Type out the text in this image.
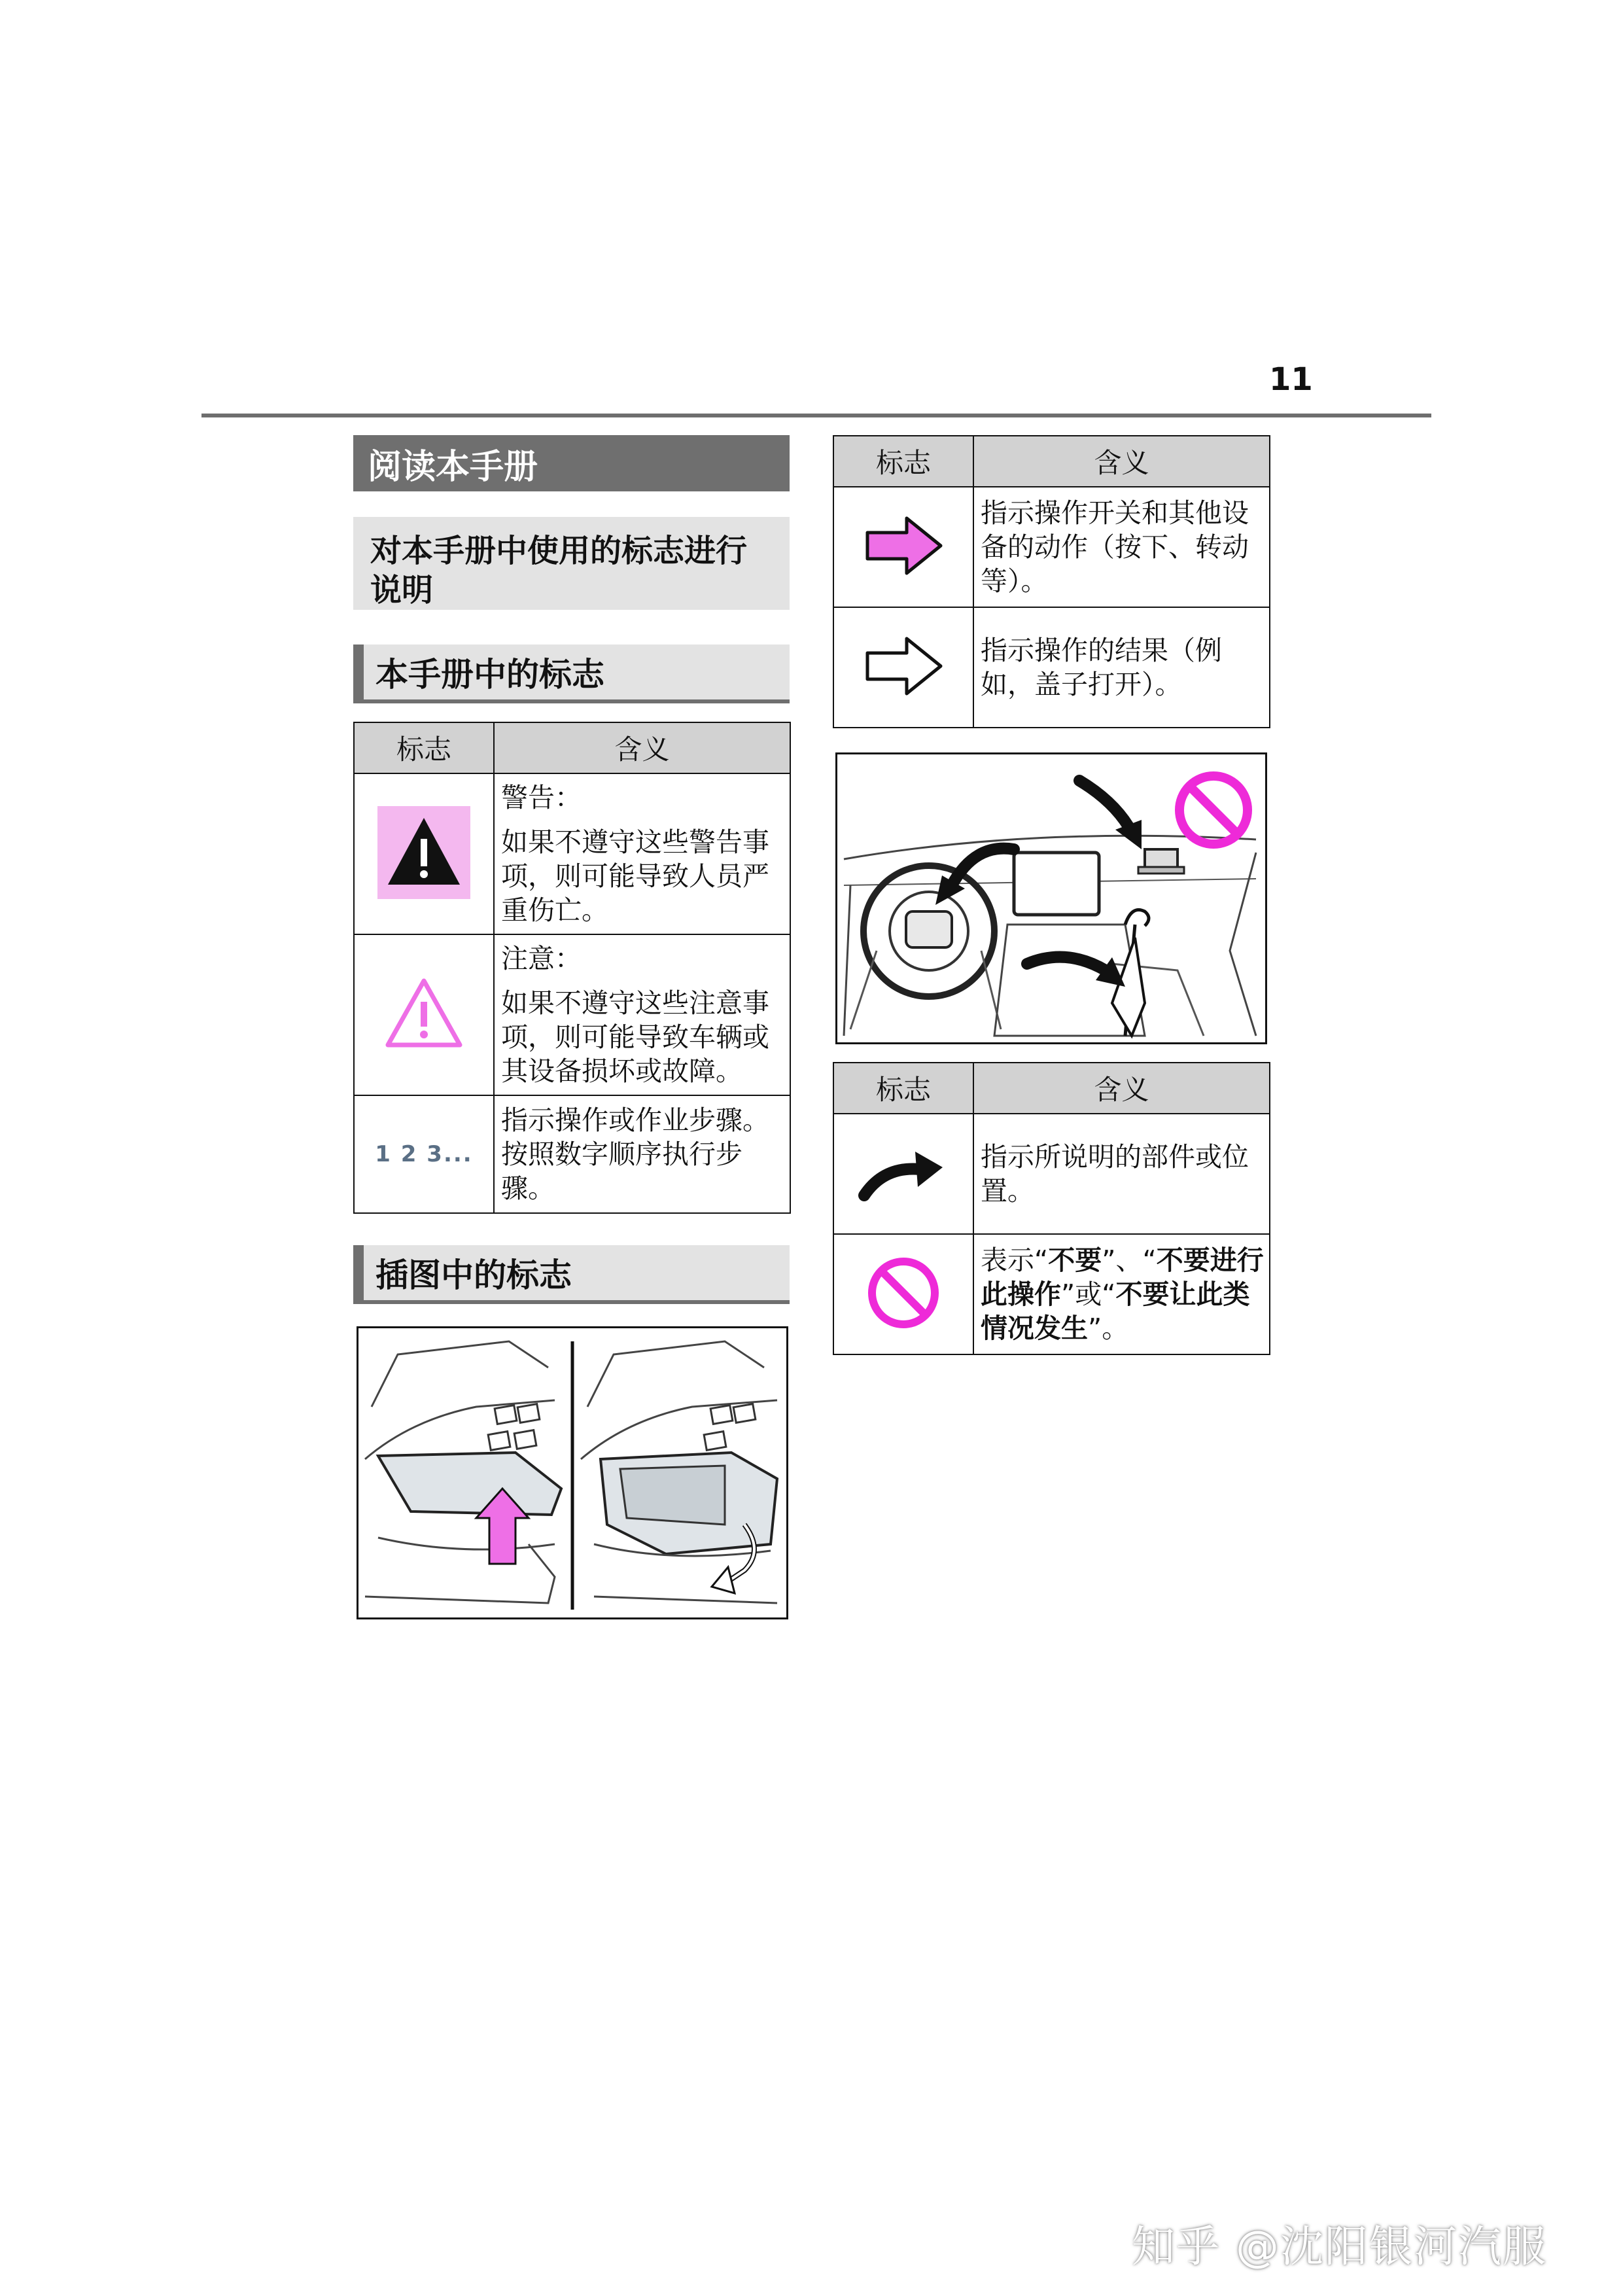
11
阅读本手册
对本手册中使用的标志进行说明
本手册中的标志
标志	含义

警告：
如果不遵守这些警告事项，则可能导致人员严重伤亡。

注意：
如果不遵守这些注意事项，则可能导致车辆或其设备损坏或故障。

1 2 3...	指示操作或作业步骤。按照数字顺序执行步骤。
插图中的标志
标志	含义

指示操作开关和其他设备的动作（按下、转动等）。

指示操作的结果（例如，盖子打开）。
标志	含义

指示所说明的部件或位置。

	表示“不要”、“不要进行此操作”或“不要让此类情况发生”。
知乎 @沈阳银河汽服
